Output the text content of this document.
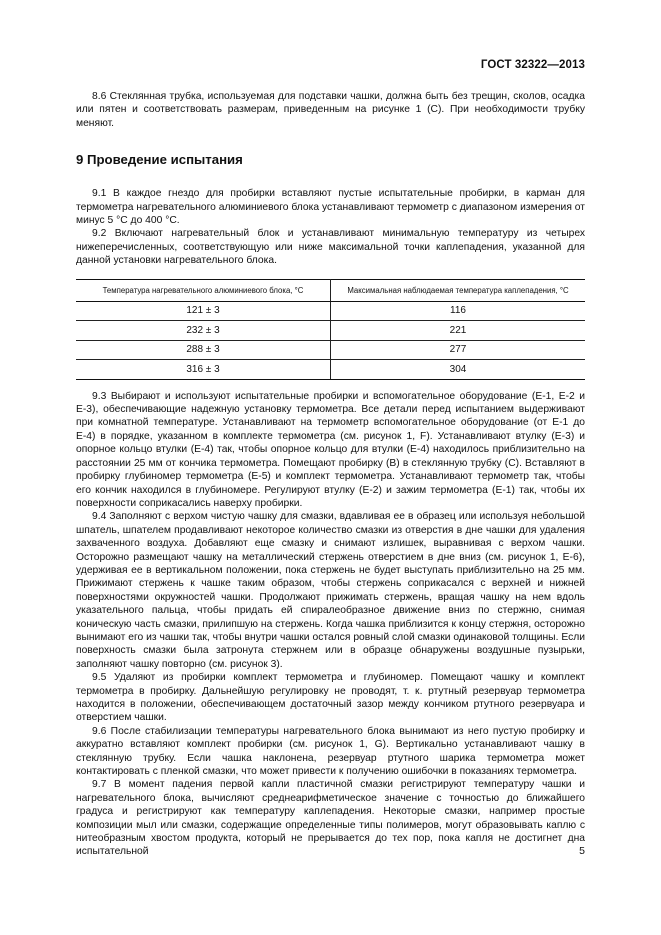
ГОСТ 32322—2013

8.6 Стеклянная трубка, используемая для подставки чашки, должна быть без трещин, сколов, осадка или пятен и соответствовать размерам, приведенным на рисунке 1 (С). При необходимости трубку меняют.

9 Проведение испытания

9.1 В каждое гнездо для пробирки вставляют пустые испытательные пробирки, в карман для термометра нагревательного алюминиевого блока устанавливают термометр с диапазоном измерения от минус 5 °C до 400 °C.

9.2 Включают нагревательный блок и устанавливают минимальную температуру из четырех нижеперечисленных, соответствующую или ниже максимальной точки каплепадения, указанной для данной установки нагревательного блока.

Температура нагревательного алюминиевого блока, °C	Максимальная наблюдаемая температура каплепадения, °C
121 ± 3	116
232 ± 3	221
288 ± 3	277
316 ± 3	304

9.3 Выбирают и используют испытательные пробирки и вспомогательное оборудование (Е-1, Е-2 и Е-3), обеспечивающие надежную установку термометра. Все детали перед испытанием выдерживают при комнатной температуре. Устанавливают на термометр вспомогательное оборудование (от Е-1 до Е-4) в порядке, указанном в комплекте термометра (см. рисунок 1, F). Устанавливают втулку (Е-3) и опорное кольцо втулки (Е-4) так, чтобы опорное кольцо для втулки (Е-4) находилось приблизительно на расстоянии 25 мм от кончика термометра. Помещают пробирку (В) в стеклянную трубку (С). Вставляют в пробирку глубиномер термометра (Е-5) и комплект термометра. Устанавливают термометр так, чтобы его кончик находился в глубиномере. Регулируют втулку (Е-2) и зажим термометра (Е-1) так, чтобы их поверхности соприкасались наверху пробирки.

9.4 Заполняют с верхом чистую чашку для смазки, вдавливая ее в образец или используя небольшой шпатель, шпателем продавливают некоторое количество смазки из отверстия в дне чашки для удаления захваченного воздуха. Добавляют еще смазку и снимают излишек, выравнивая с верхом чашки. Осторожно размещают чашку на металлический стержень отверстием в дне вниз (см. рисунок 1, Е-6), удерживая ее в вертикальном положении, пока стержень не будет выступать приблизительно на 25 мм. Прижимают стержень к чашке таким образом, чтобы стержень соприкасался с верхней и нижней поверхностями окружностей чашки. Продолжают прижимать стержень, вращая чашку на нем вдоль указательного пальца, чтобы придать ей спиралеобразное движение вниз по стержню, снимая коническую часть смазки, прилипшую на стержень. Когда чашка приблизится к концу стержня, осторожно вынимают его из чашки так, чтобы внутри чашки остался ровный слой смазки одинаковой толщины. Если поверхность смазки была затронута стержнем или в образце обнаружены воздушные пузырьки, заполняют чашку повторно (см. рисунок 3).

9.5 Удаляют из пробирки комплект термометра и глубиномер. Помещают чашку и комплект термометра в пробирку. Дальнейшую регулировку не проводят, т. к. ртутный резервуар термометра находится в положении, обеспечивающем достаточный зазор между кончиком ртутного резервуара и отверстием чашки.

9.6 После стабилизации температуры нагревательного блока вынимают из него пустую пробирку и аккуратно вставляют комплект пробирки (см. рисунок 1, G). Вертикально устанавливают чашку в стеклянную трубку. Если чашка наклонена, резервуар ртутного шарика термометра может контактировать с пленкой смазки, что может привести к получению ошибочки в показаниях термометра.

9.7 В момент падения первой капли пластичной смазки регистрируют температуру чашки и нагревательного блока, вычисляют среднеарифметическое значение с точностью до ближайшего градуса и регистрируют как температуру каплепадения. Некоторые смазки, например простые композиции мыл или смазки, содержащие определенные типы полимеров, могут образовывать каплю с нитеобразным хвостом продукта, который не прерывается до тех пор, пока капля не достигнет дна испытательной	5
